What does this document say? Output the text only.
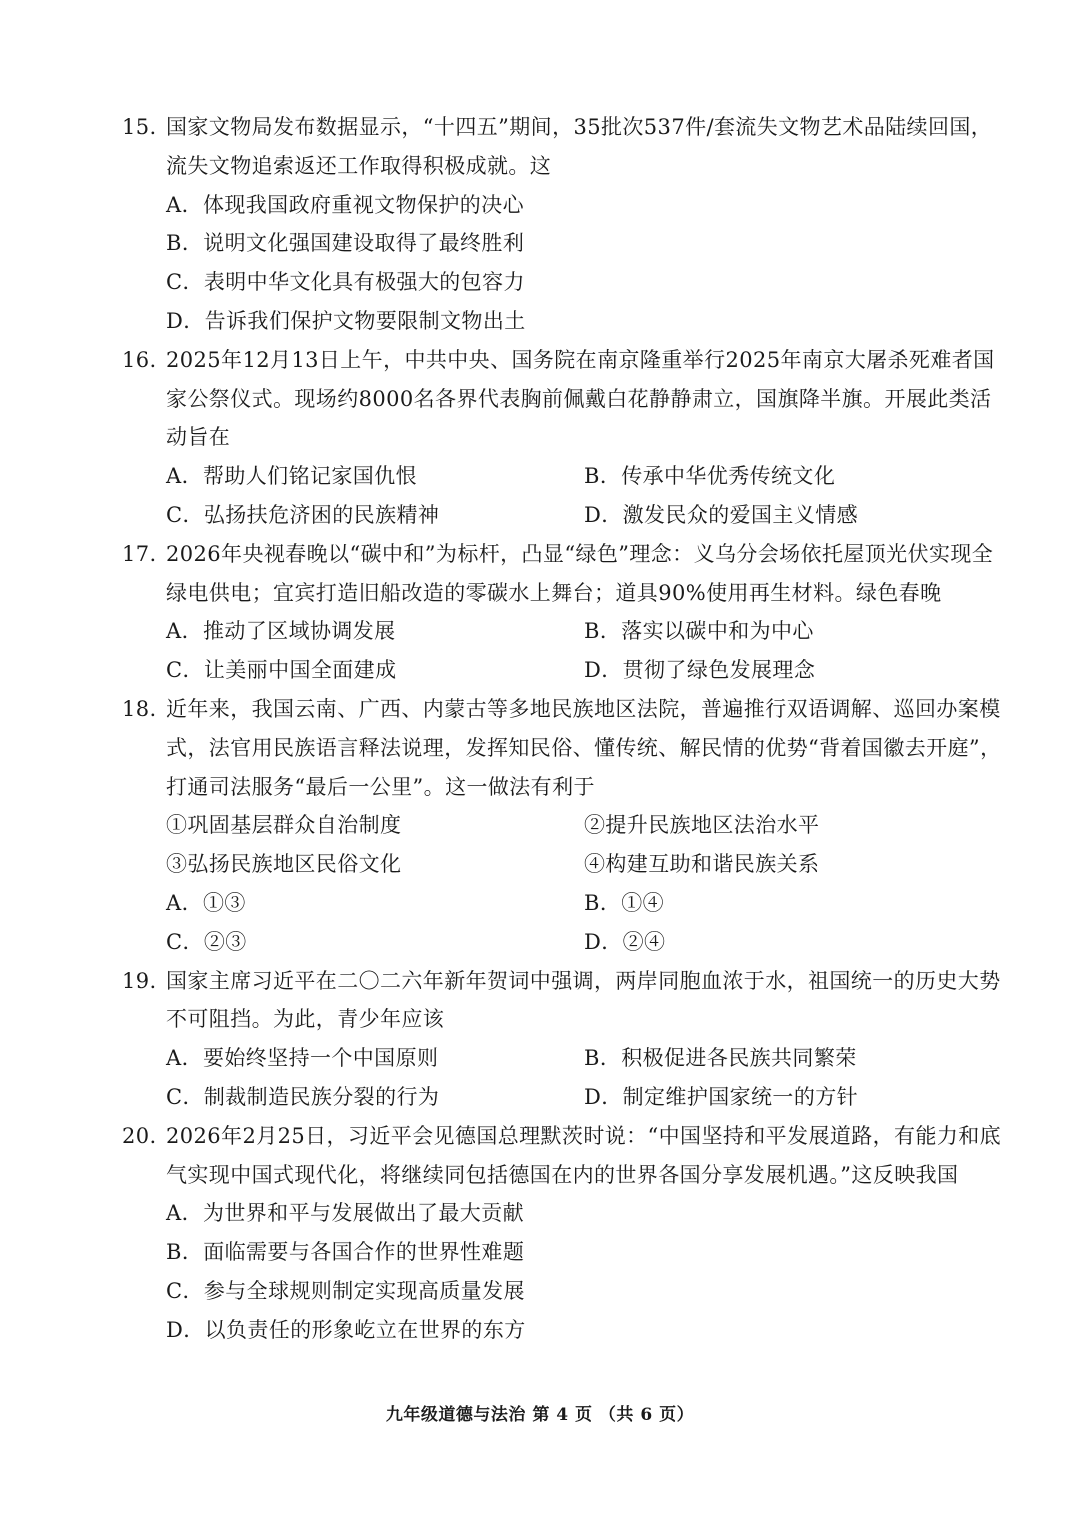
15. 国家文物局发布数据显示，“十四五”期间，35批次537件/套流失文物艺术品陆续回国，流失文物追索返还工作取得积极成就。这
A．体现我国政府重视文物保护的决心
B．说明文化强国建设取得了最终胜利
C．表明中华文化具有极强大的包容力
D．告诉我们保护文物要限制文物出土
16. 2025年12月13日上午，中共中央、国务院在南京隆重举行2025年南京大屠杀死难者国家公祭仪式。现场约8000名各界代表胸前佩戴白花静静肃立，国旗降半旗。开展此类活动旨在
A．帮助人们铭记家国仇恨	B．传承中华优秀传统文化
C．弘扬扶危济困的民族精神	D．激发民众的爱国主义情感
17. 2026年央视春晚以“碳中和”为标杆，凸显“绿色”理念：义乌分会场依托屋顶光伏实现全绿电供电；宜宾打造旧船改造的零碳水上舞台；道具90%使用再生材料。绿色春晚
A．推动了区域协调发展	B．落实以碳中和为中心
C．让美丽中国全面建成	D．贯彻了绿色发展理念
18. 近年来，我国云南、广西、内蒙古等多地民族地区法院，普遍推行双语调解、巡回办案模式，法官用民族语言释法说理，发挥知民俗、懂传统、解民情的优势“背着国徽去开庭”，打通司法服务“最后一公里”。这一做法有利于
①巩固基层群众自治制度	②提升民族地区法治水平
③弘扬民族地区民俗文化	④构建互助和谐民族关系
A．①③	B．①④
C．②③	D．②④
19. 国家主席习近平在二〇二六年新年贺词中强调，两岸同胞血浓于水，祖国统一的历史大势不可阻挡。为此，青少年应该
A．要始终坚持一个中国原则	B．积极促进各民族共同繁荣
C．制裁制造民族分裂的行为	D．制定维护国家统一的方针
20. 2026年2月25日，习近平会见德国总理默茨时说：“中国坚持和平发展道路，有能力和底气实现中国式现代化，将继续同包括德国在内的世界各国分享发展机遇。”这反映我国
A．为世界和平与发展做出了最大贡献
B．面临需要与各国合作的世界性难题
C．参与全球规则制定实现高质量发展
D．以负责任的形象屹立在世界的东方
九年级道德与法治 第 4 页 （共 6 页）
